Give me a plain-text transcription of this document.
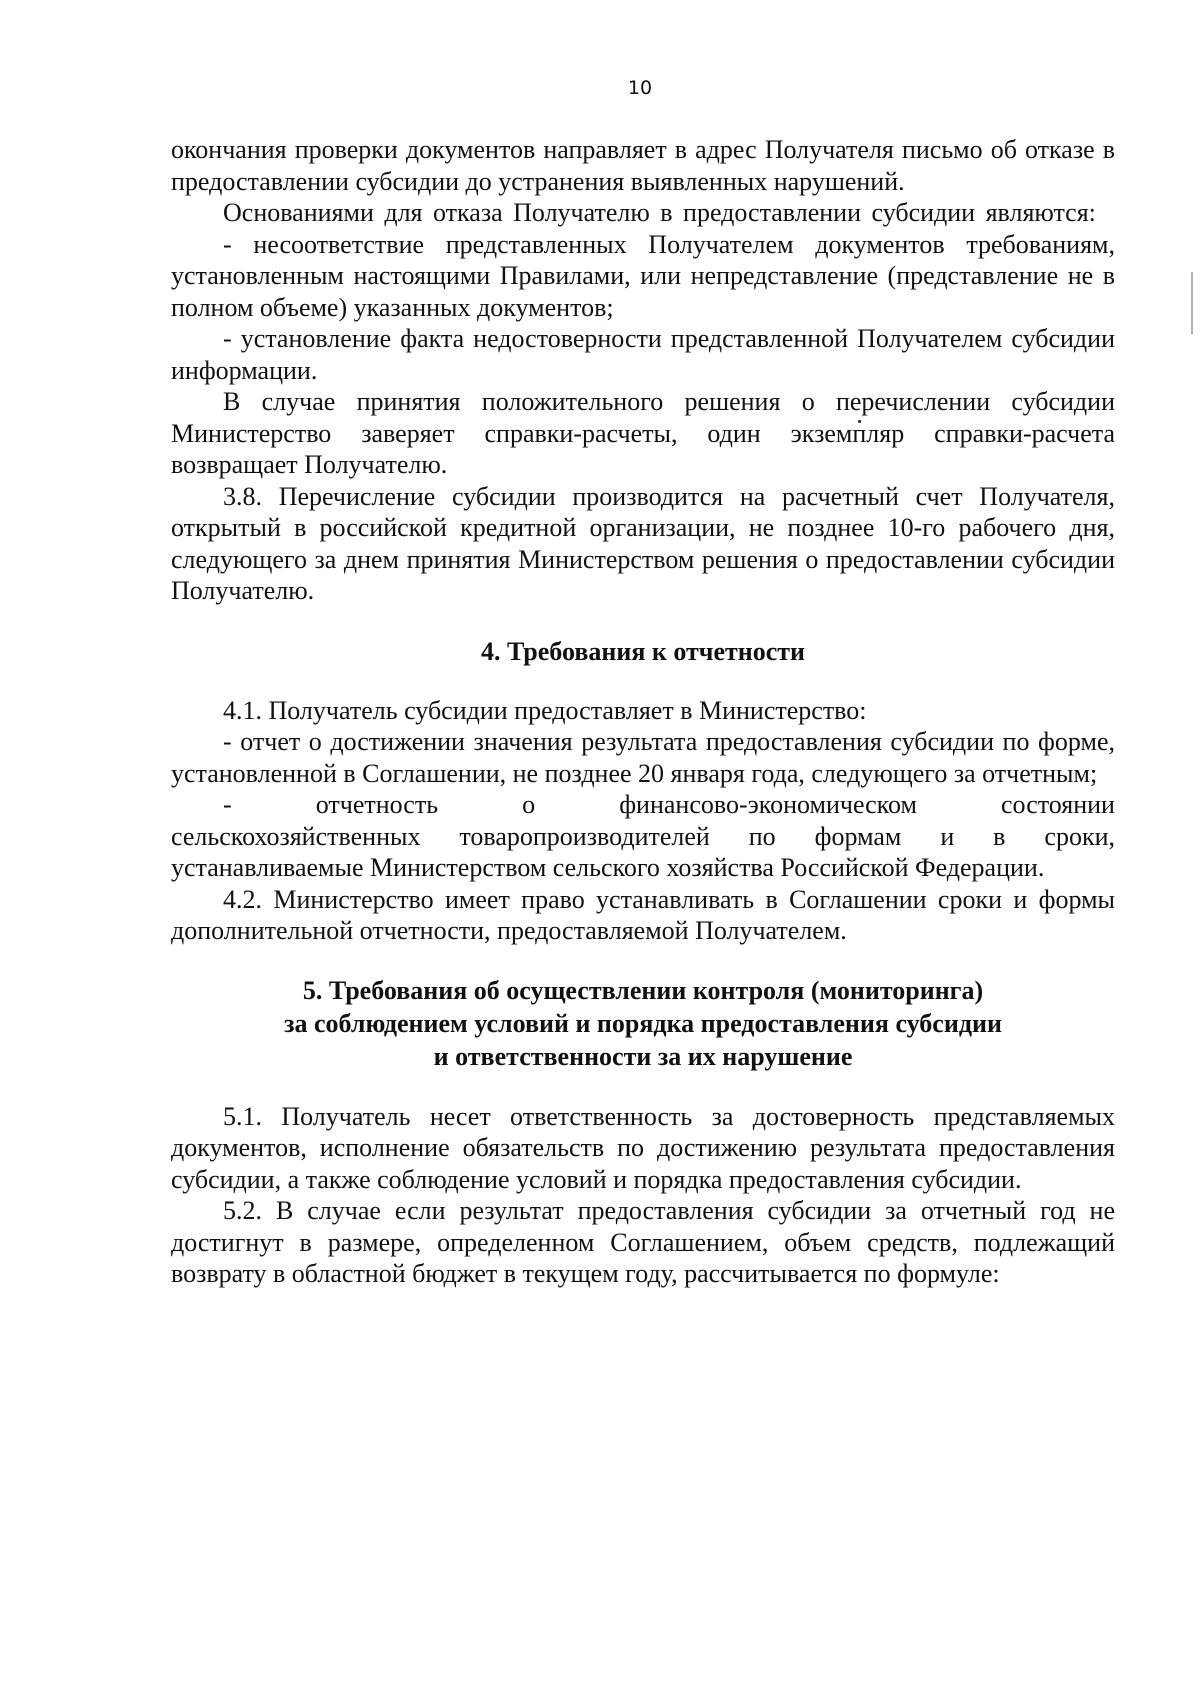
10

окончания проверки документов направляет в адрес Получателя письмо об отказе в предоставлении субсидии до устранения выявленных нарушений.

Основаниями для отказа Получателю в предоставлении субсидии являются:

- несоответствие представленных Получателем документов требованиям, установленным настоящими Правилами, или непредставление (представление не в полном объеме) указанных документов;

- установление факта недостоверности представленной Получателем субсидии информации.

В случае принятия положительного решения о перечислении субсидии Министерство заверяет справки-расчеты, один экземпляр справки-расчета возвращает Получателю.

3.8. Перечисление субсидии производится на расчетный счет Получателя, открытый в российской кредитной организации, не позднее 10-го рабочего дня, следующего за днем принятия Министерством решения о предоставлении субсидии Получателю.

4. Требования к отчетности

4.1. Получатель субсидии предоставляет в Министерство:

- отчет о достижении значения результата предоставления субсидии по форме, установленной в Соглашении, не позднее 20 января года, следующего за отчетным;

-	отчетность	о	финансово-экономическом	состоянии

сельскохозяйственных товаропроизводителей по формам и в сроки, устанавливаемые Министерством сельского хозяйства Российской Федерации.

4.2. Министерство имеет право устанавливать в Соглашении сроки и формы дополнительной отчетности, предоставляемой Получателем.

5. Требования об осуществлении контроля (мониторинга)
за соблюдением условий и порядка предоставления субсидии
и ответственности за их нарушение

5.1. Получатель несет ответственность за достоверность представляемых документов, исполнение обязательств по достижению результата предоставления субсидии, а также соблюдение условий и порядка предоставления субсидии.

5.2. В случае если результат предоставления субсидии за отчетный год не достигнут в размере, определенном Соглашением, объем средств, подлежащий возврату в областной бюджет в текущем году, рассчитывается по формуле:
